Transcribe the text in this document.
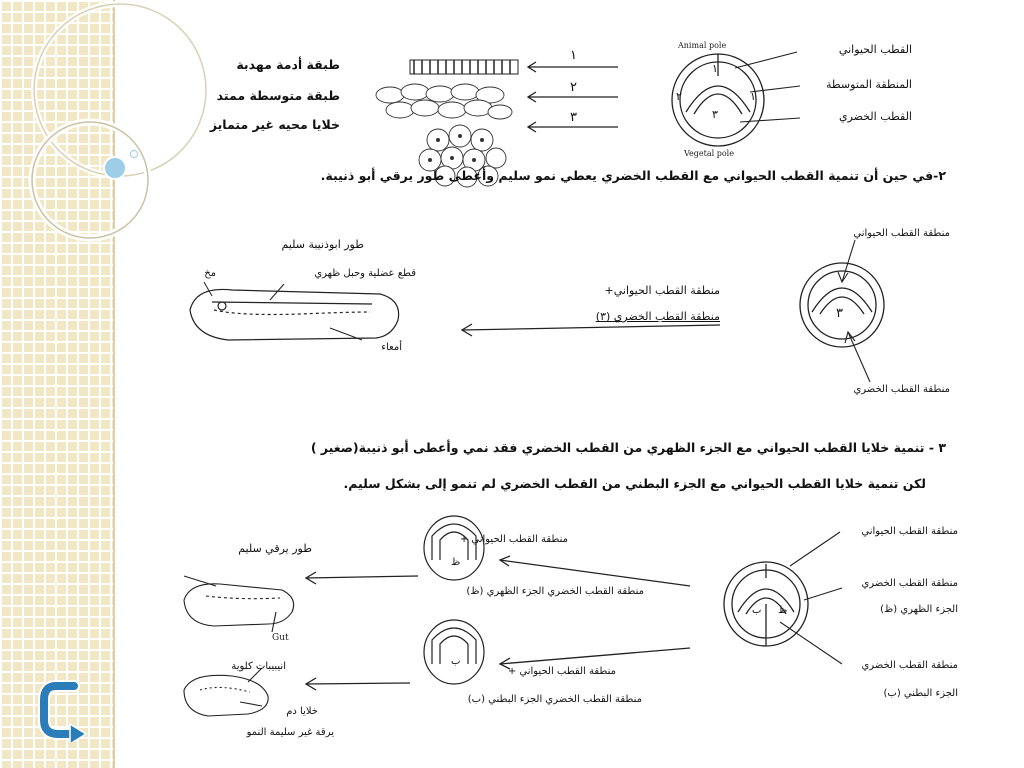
طبقة أدمة مهدبة
طبقة متوسطة ممتد
خلايا محيه غير متمايز
١
٢
٣
Animal pole
Vegetal pole
١
٢
٣
١
القطب الحيواني
المنطقة المتوسطة
القطب الخضري
٢-في حين أن تنمية القطب الحيواني مع القطب الخضري يعطي نمو سليم وأعطى طور يرقي أبو ذنيبة.
طور ابوذنيبة سليم
مخ	قطع عضلية وحبل ظهري
أمعاء
منطقة القطب الحيواني+
منطقة القطب الخضري (٣)
منطقة القطب الحيواني
منطقة القطب الخضري
٣
٣ - تنمية خلايا القطب الحيواني مع الجزء الظهري من القطب الخضري فقد نمي وأعطى أبو ذنيبة(صغير )
لكن تنمية خلايا القطب الحيواني مع الجزء البطني من القطب الخضري لم تنمو إلى بشكل سليم.
طور يرقي سليم
Gut
انيبيبات كلوية
خلايا دم
يرقة غير سليمة النمو
منطقة القطب الحيواني +
منطقة القطب الخضري الجزء الظهري (ظ)
منطقة القطب الحيواني +
منطقة القطب الخضري الجزء البطني (ب)
منطقة القطب الحيواني
منطقة القطب الخضري
الجزء الظهري (ظ)
منطقة القطب الخضري
الجزء البطني (ب)
ظ
ب
ب ظ
